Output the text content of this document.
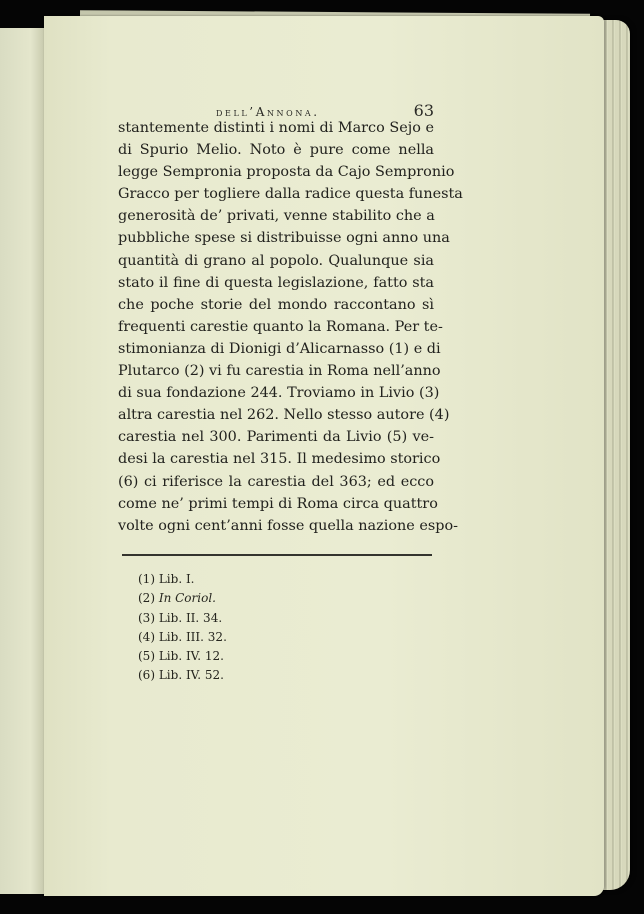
dell’Annona.	63
stantemente distinti i nomi di Marco Sejo e
di Spurio Melio. Noto è pure come nella
legge Sempronia proposta da Cajo Sempronio
Gracco per togliere dalla radice questa funesta
generosità de’ privati, venne stabilito che a
pubbliche spese si distribuisse ogni anno una
quantità di grano al popolo. Qualunque sia
stato il fine di questa legislazione, fatto sta
che poche storie del mondo raccontano sì
frequenti carestie quanto la Romana. Per te-
stimonianza di Dionigi d’Alicarnasso (1) e di
Plutarco (2) vi fu carestia in Roma nell’anno
di sua fondazione 244. Troviamo in Livio (3)
altra carestia nel 262. Nello stesso autore (4)
carestia nel 300. Parimenti da Livio (5) ve-
desi la carestia nel 315. Il medesimo storico
(6) ci riferisce la carestia del 363; ed ecco
come ne’ primi tempi di Roma circa quattro
volte ogni cent’anni fosse quella nazione espo-
(1) Lib. I.
(2) In Coriol.
(3) Lib. II. 34.
(4) Lib. III. 32.
(5) Lib. IV. 12.
(6) Lib. IV. 52.
